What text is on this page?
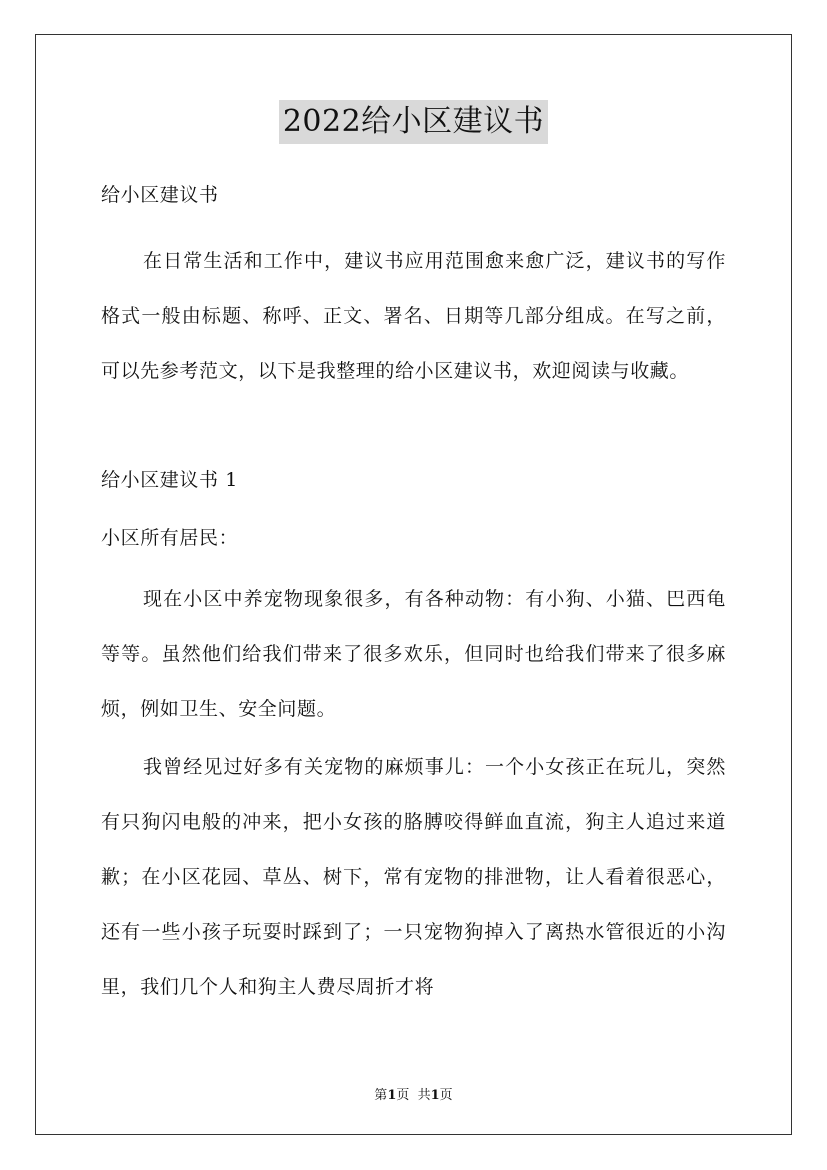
2022给小区建议书
给小区建议书

在日常生活和工作中，建议书应用范围愈来愈广泛，建议书的写作格式一般由标题、称呼、正文、署名、日期等几部分组成。在写之前，可以先参考范文，以下是我整理的给小区建议书，欢迎阅读与收藏。

给小区建议书 1
小区所有居民：

现在小区中养宠物现象很多，有各种动物：有小狗、小猫、巴西龟等等。虽然他们给我们带来了很多欢乐，但同时也给我们带来了很多麻烦，例如卫生、安全问题。

我曾经见过好多有关宠物的麻烦事儿：一个小女孩正在玩儿，突然有只狗闪电般的冲来，把小女孩的胳膊咬得鲜血直流，狗主人追过来道歉；在小区花园、草丛、树下，常有宠物的排泄物，让人看着很恶心，还有一些小孩子玩耍时踩到了；一只宠物狗掉入了离热水管很近的小沟里，我们几个人和狗主人费尽周折才将

第1页  共1页
